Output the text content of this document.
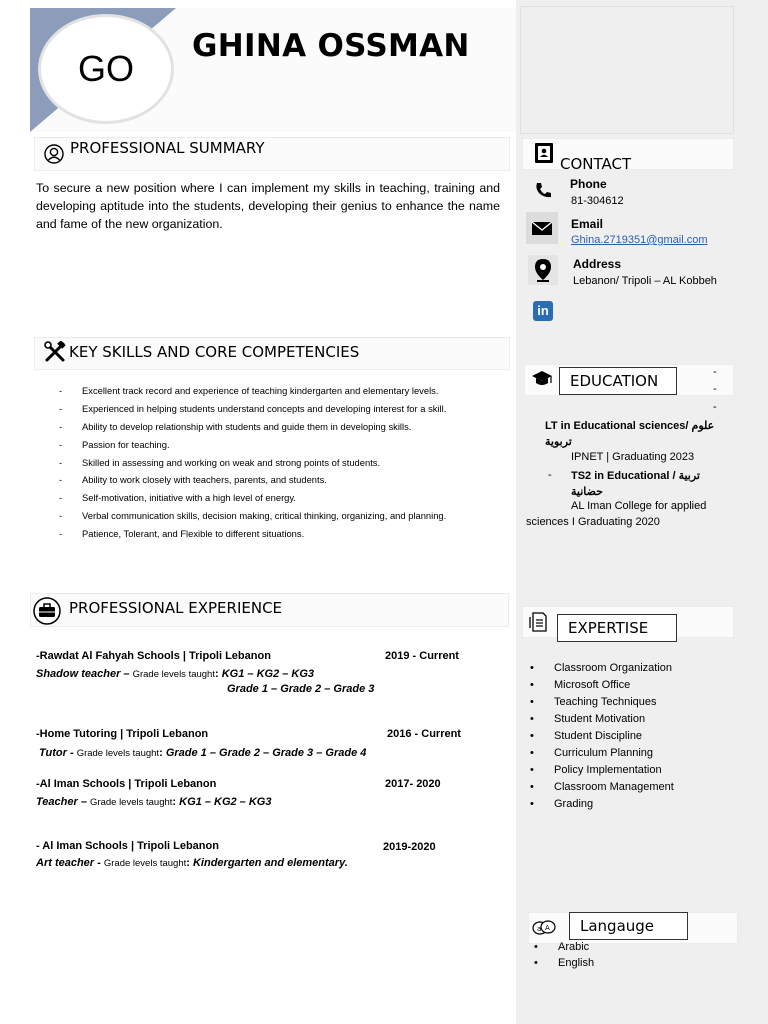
GO
GHINA OSSMAN
PROFESSIONAL SUMMARY
To secure a new position where I can implement my skills in teaching, training and developing aptitude into the students, developing their genius to enhance the name and fame of the new organization.
KEY SKILLS AND CORE COMPETENCIES
- Excellent track record and experience of teaching kindergarten and elementary levels.
- Experienced in helping students understand concepts and developing interest for a skill.
- Ability to develop relationship with students and guide them in developing skills.
- Passion for teaching.
- Skilled in assessing and working on weak and strong points of students.
- Ability to work closely with teachers, parents, and students.
- Self-motivation, initiative with a high level of energy.
- Verbal communication skills, decision making, critical thinking, organizing, and planning.
- Patience, Tolerant, and Flexible to different situations.
PROFESSIONAL EXPERIENCE
-Rawdat Al Fahyah Schools | Tripoli Lebanon	2019 - Current
Shadow teacher – Grade levels taught: KG1 – KG2 – KG3
Grade 1 – Grade 2 – Grade 3
-Home Tutoring | Tripoli Lebanon	2016 - Current
Tutor - Grade levels taught: Grade 1 – Grade 2 – Grade 3 – Grade 4
-Al Iman Schools | Tripoli Lebanon	2017- 2020
Teacher – Grade levels taught: KG1 – KG2 – KG3
- Al Iman Schools | Tripoli Lebanon	2019-2020
Art teacher - Grade levels taught: Kindergarten and elementary.
CONTACT
Phone
81-304612
Email
Ghina.2719351@gmail.com
Address
Lebanon/ Tripoli – AL Kobbeh
in
EDUCATION	-
-
-
LT in Educational sciences/ علوم تربوية
IPNET | Graduating 2023
- TS2 in Educational / تربية حضانية
AL Iman College for applied
sciences I Graduating 2020
EXPERTISE
• Classroom Organization
• Microsoft Office
• Teaching Techniques
• Student Motivation
• Student Discipline
• Curriculum Planning
• Policy Implementation
• Classroom Management
• Grading
a A	Langauge
• Arabic
• English
